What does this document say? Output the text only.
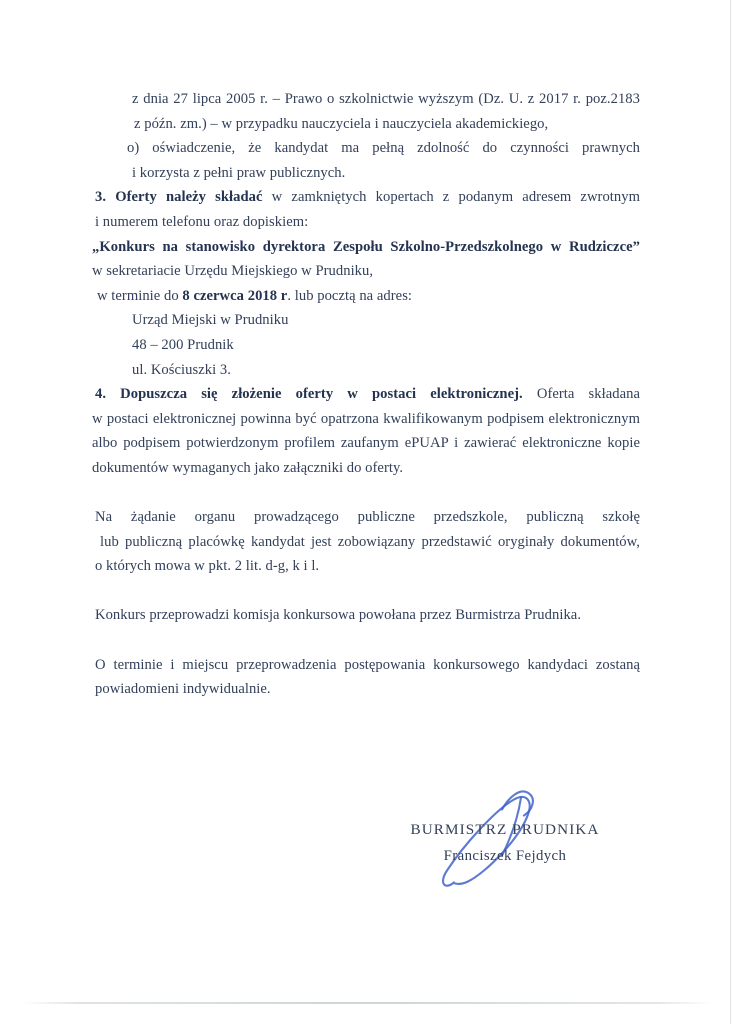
z dnia 27 lipca 2005 r. – Prawo o szkolnictwie wyższym (Dz. U. z 2017 r. poz.2183
z późn. zm.) – w przypadku nauczyciela i nauczyciela akademickiego,
o) oświadczenie, że kandydat ma pełną zdolność do czynności prawnych
i korzysta z pełni praw publicznych.
3. Oferty należy składać w zamkniętych kopertach z podanym adresem zwrotnym
i numerem telefonu oraz dopiskiem:
„Konkurs na stanowisko dyrektora Zespołu Szkolno-Przedszkolnego w Rudziczce”
w sekretariacie Urzędu Miejskiego w Prudniku,
w terminie do 8 czerwca 2018 r. lub pocztą na adres:
Urząd Miejski w Prudniku
48 – 200 Prudnik
ul. Kościuszki 3.
4. Dopuszcza się złożenie oferty w postaci elektronicznej. Oferta składana
w postaci elektronicznej powinna być opatrzona kwalifikowanym podpisem elektronicznym
albo podpisem potwierdzonym profilem zaufanym ePUAP i zawierać elektroniczne kopie
dokumentów wymaganych jako załączniki do oferty.
Na żądanie organu prowadzącego publiczne przedszkole, publiczną szkołę
lub publiczną placówkę kandydat jest zobowiązany przedstawić oryginały dokumentów,
o których mowa w pkt. 2 lit. d-g, k i l.
Konkurs przeprowadzi komisja konkursowa powołana przez Burmistrza Prudnika.
O terminie i miejscu przeprowadzenia postępowania konkursowego kandydaci zostaną
powiadomieni indywidualnie.
BURMISTRZ PRUDNIKA
Franciszek Fejdych
